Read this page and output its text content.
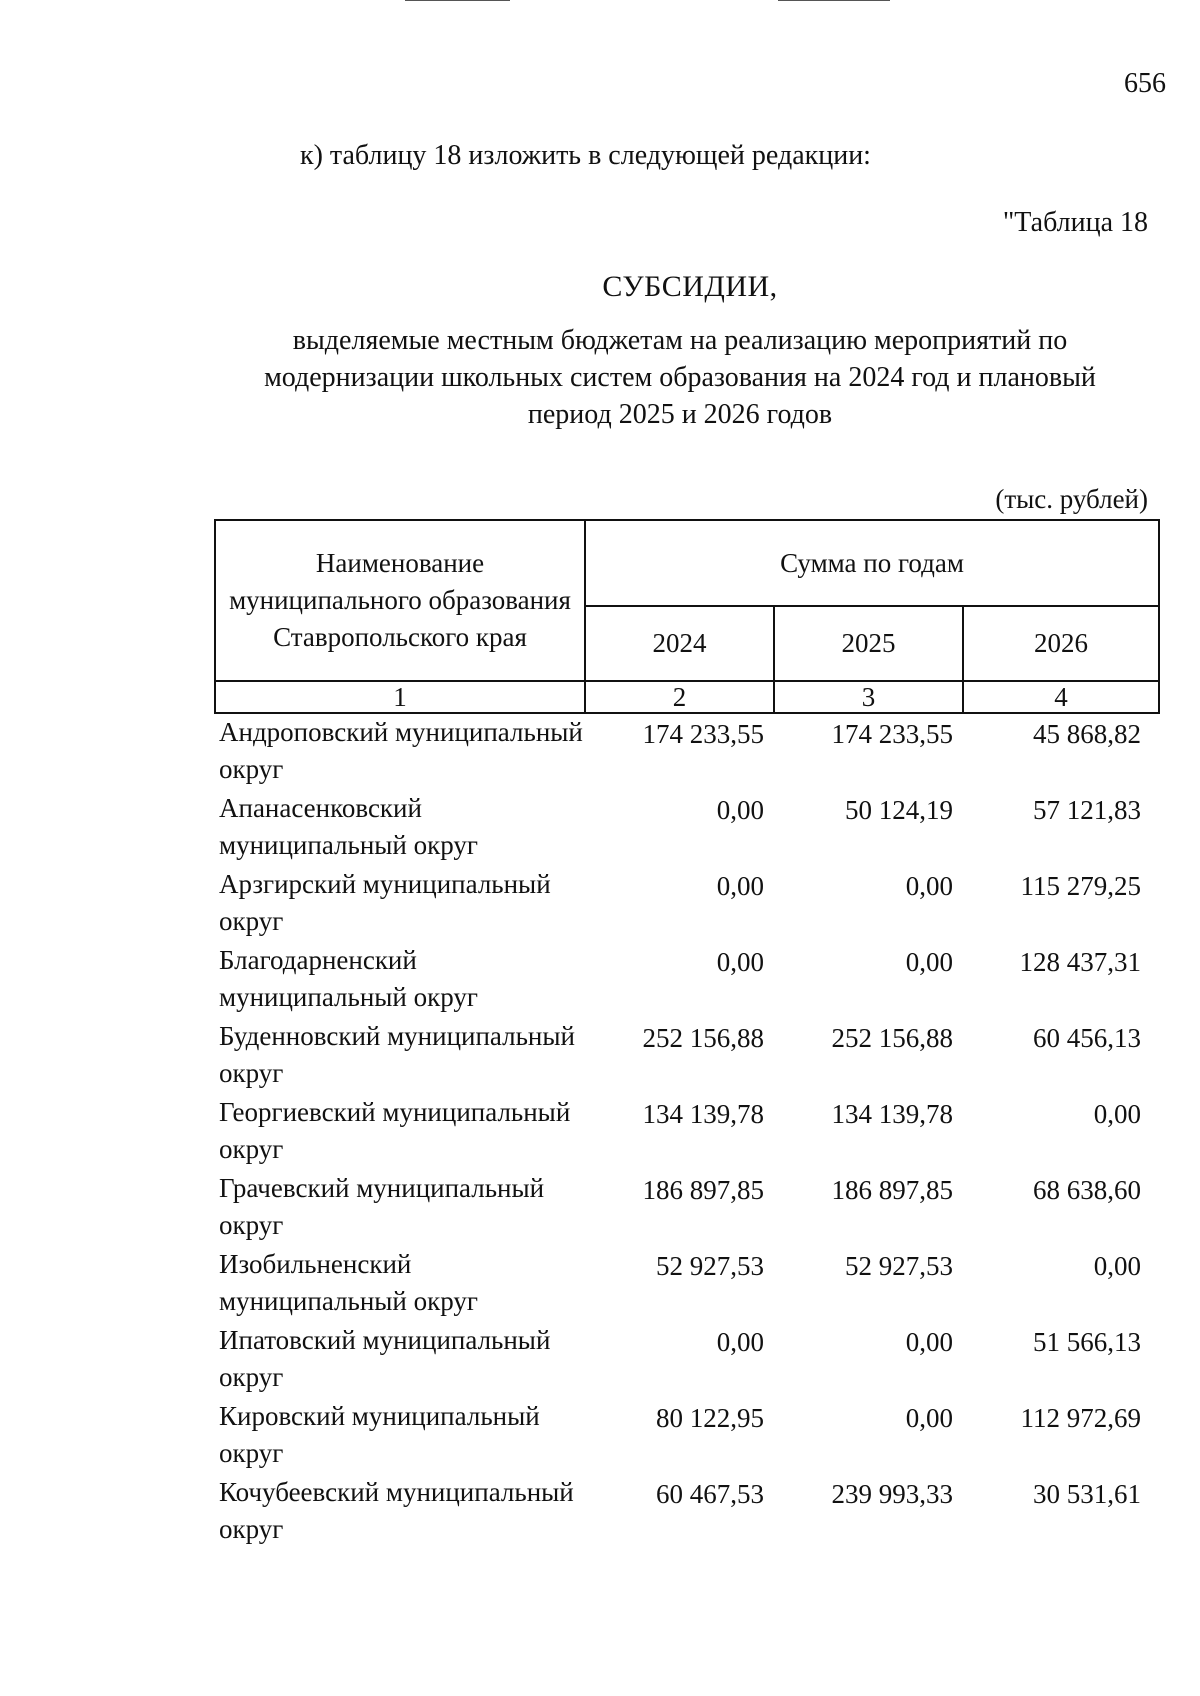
656
к) таблицу 18 изложить в следующей редакции:
"Таблица 18
СУБСИДИИ,
выделяемые местным бюджетам на реализацию мероприятий по модернизации школьных систем образования на 2024 год и плановый период 2025 и 2026 годов
(тыс. рублей)
Наименование муниципального образования Ставропольского края	Сумма по годам		
	2024	2025	2026
1	2	3	4
Андроповский муниципальный округ	174 233,55	174 233,55	45 868,82
Апанасенковский муниципальный округ	0,00	50 124,19	57 121,83
Арзгирский муниципальный округ	0,00	0,00	115 279,25
Благодарненский муниципальный округ	0,00	0,00	128 437,31
Буденновский муниципальный округ	252 156,88	252 156,88	60 456,13
Георгиевский муниципальный округ	134 139,78	134 139,78	0,00
Грачевский муниципальный округ	186 897,85	186 897,85	68 638,60
Изобильненский муниципальный округ	52 927,53	52 927,53	0,00
Ипатовский муниципальный округ	0,00	0,00	51 566,13
Кировский муниципальный округ	80 122,95	0,00	112 972,69
Кочубеевский муниципальный округ	60 467,53	239 993,33	30 531,61
